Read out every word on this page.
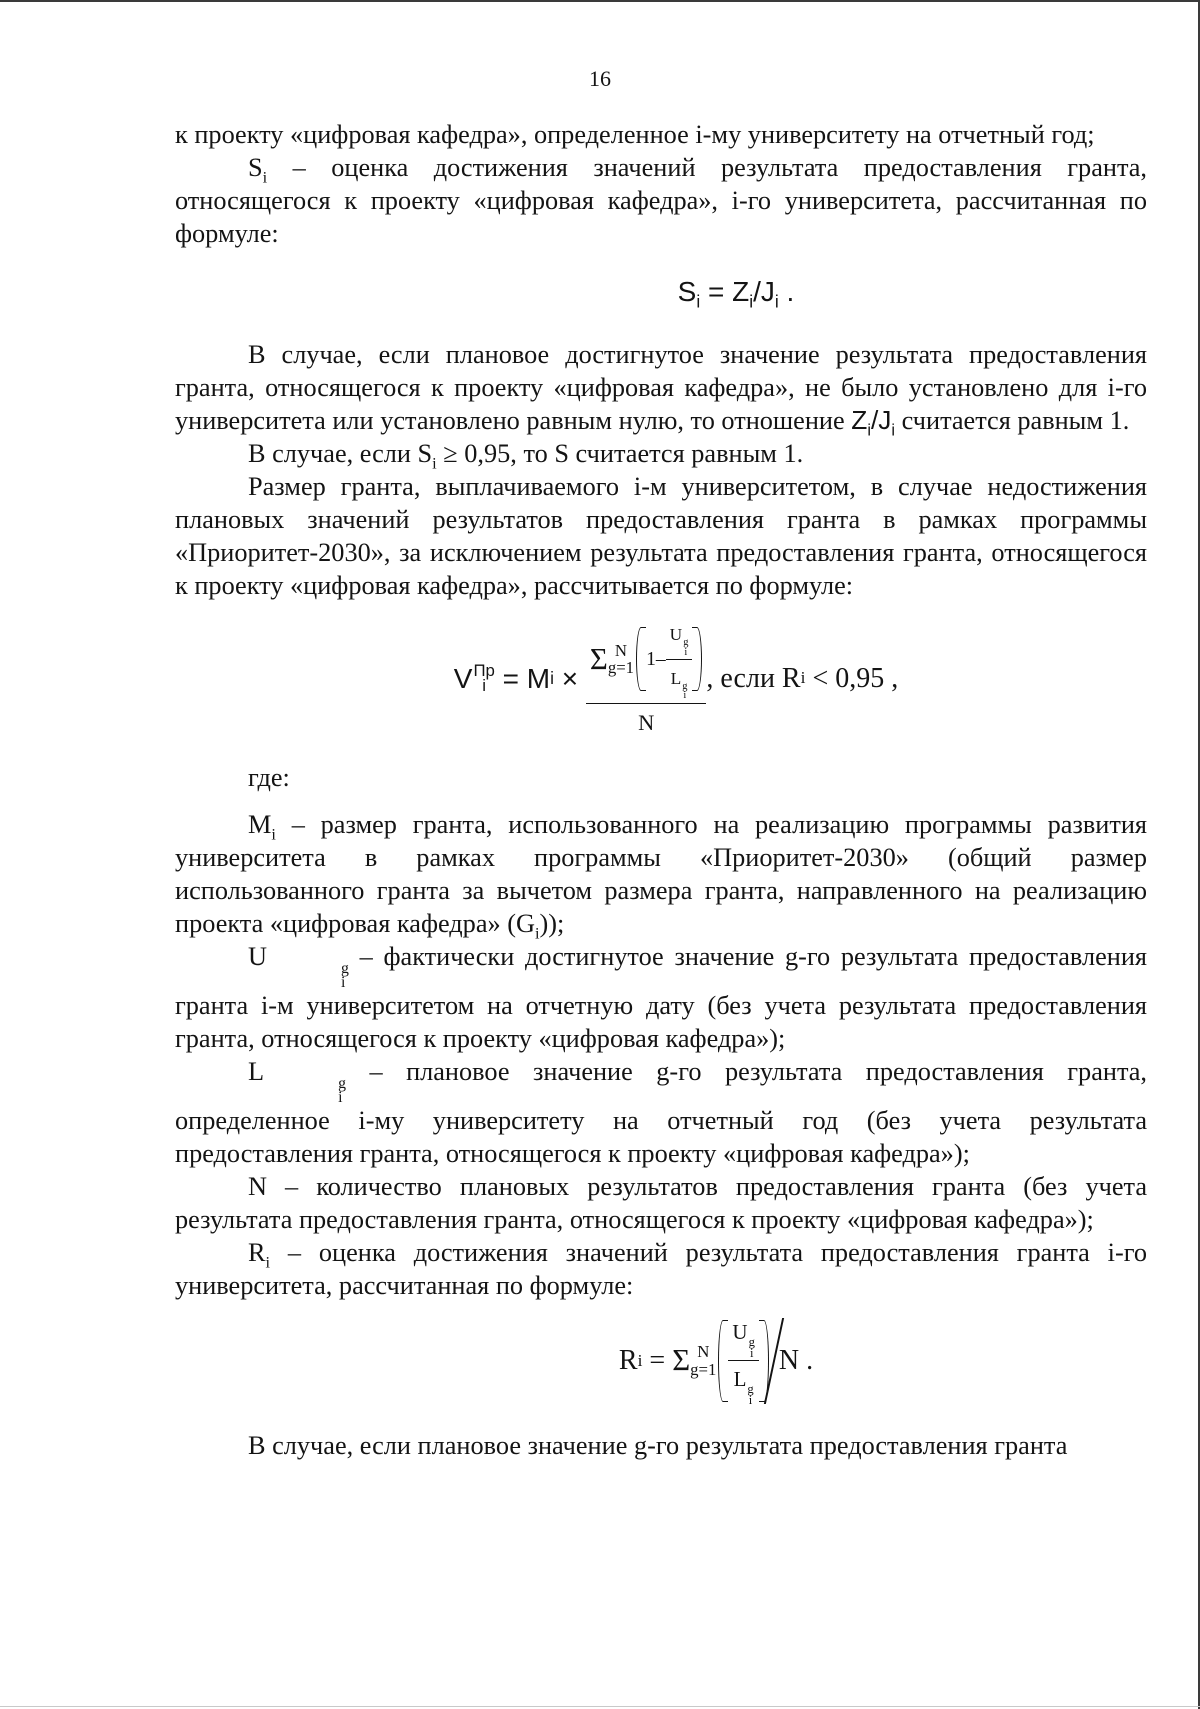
16

к проекту «цифровая кафедра», определенное i-му университету на отчетный год;

$S_i$ – оценка достижения значений результата предоставления гранта, относящегося к проекту «цифровая кафедра», i-го университета, рассчитанная по формуле:

$S_i = Z_i/J_i$ .

В случае, если плановое достигнутое значение результата предоставления гранта, относящегося к проекту «цифровая кафедра», не было установлено для i-го университета или установлено равным нулю, то отношение $Z_i/J_i$ считается равным 1.

В случае, если $S_i \ge 0,95$, то S считается равным 1.

Размер гранта, выплачиваемого i-м университетом, в случае недостижения плановых значений результатов предоставления гранта в рамках программы «Приоритет-2030», за исключением результата предоставления гранта, относящегося к проекту «цифровая кафедра», рассчитывается по формуле:

V Пр
i = M i ×
Σ N
g=1 1– U g
i
L g
i
N
, если R i < 0,95 ,

где:

$M_i$ – размер гранта, использованного на реализацию программы развития университета в рамках программы «Приоритет-2030» (общий размер использованного гранта за вычетом размера гранта, направленного на реализацию проекта «цифровая кафедра» $(G_i)$);

U	g
i
– фактически достигнутое значение g-го результата предоставления гранта i-м университетом на отчетную дату (без учета результата предоставления гранта, относящегося к проекту «цифровая кафедра»);

L	g
i
– плановое значение g-го результата предоставления гранта, определенное i-му университету на отчетный год (без учета результата предоставления гранта, относящегося к проекту «цифровая кафедра»);

N – количество плановых результатов предоставления гранта (без учета результата предоставления гранта, относящегося к проекту «цифровая кафедра»);

$R_i$ – оценка достижения значений результата предоставления гранта i-го университета, рассчитанная по формуле:

R i = Σ N
g=1 U g
i
L g
i N .

В случае, если плановое значение g-го результата предоставления гранта
